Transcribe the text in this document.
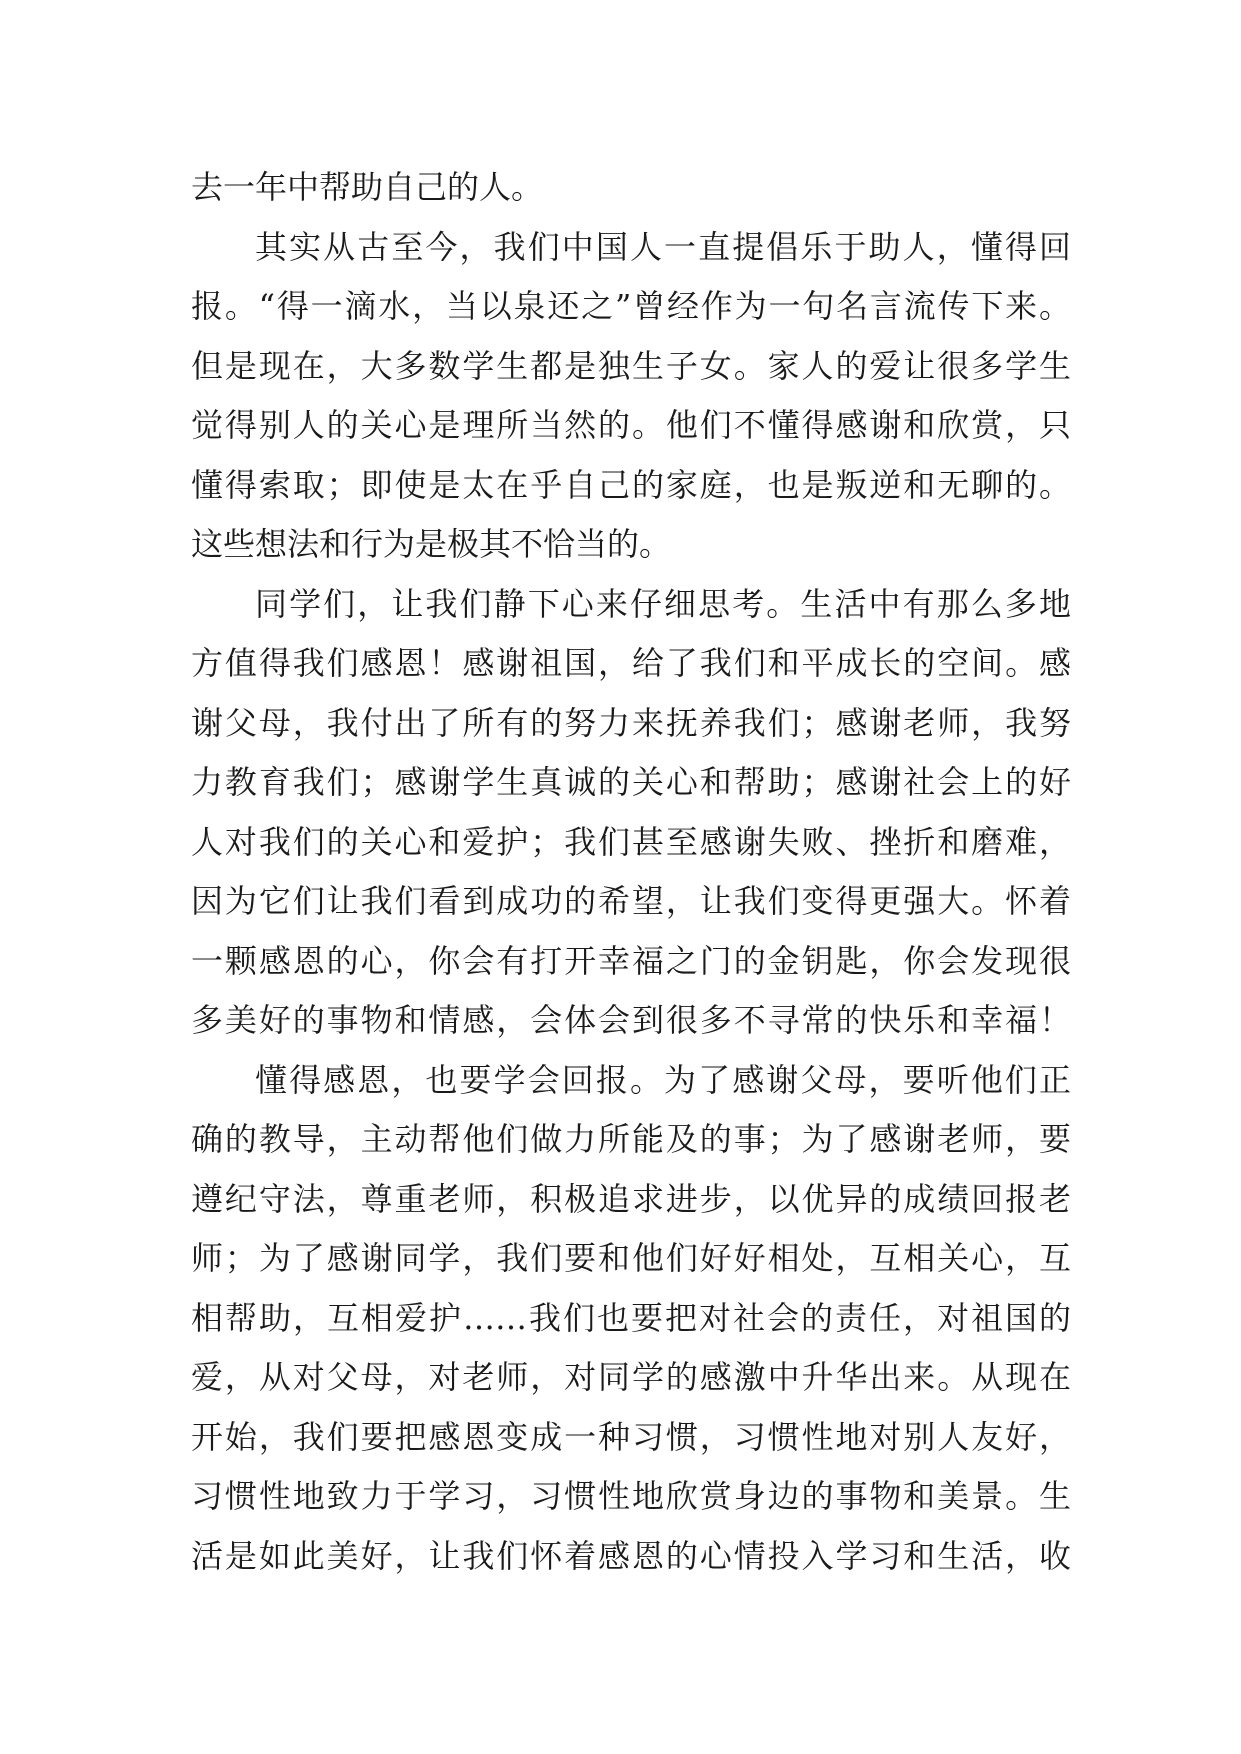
去一年中帮助自己的人。
其实从古至今，我们中国人一直提倡乐于助人，懂得回
报。“得一滴水，当以泉还之”曾经作为一句名言流传下来。
但是现在，大多数学生都是独生子女。家人的爱让很多学生
觉得别人的关心是理所当然的。他们不懂得感谢和欣赏，只
懂得索取；即使是太在乎自己的家庭，也是叛逆和无聊的。
这些想法和行为是极其不恰当的。
同学们，让我们静下心来仔细思考。生活中有那么多地
方值得我们感恩！感谢祖国，给了我们和平成长的空间。感
谢父母，我付出了所有的努力来抚养我们；感谢老师，我努
力教育我们；感谢学生真诚的关心和帮助；感谢社会上的好
人对我们的关心和爱护；我们甚至感谢失败、挫折和磨难，
因为它们让我们看到成功的希望，让我们变得更强大。怀着
一颗感恩的心，你会有打开幸福之门的金钥匙，你会发现很
多美好的事物和情感，会体会到很多不寻常的快乐和幸福！
懂得感恩，也要学会回报。为了感谢父母，要听他们正
确的教导，主动帮他们做力所能及的事；为了感谢老师，要
遵纪守法，尊重老师，积极追求进步，以优异的成绩回报老
师；为了感谢同学，我们要和他们好好相处，互相关心，互
相帮助，互相爱护……我们也要把对社会的责任，对祖国的
爱，从对父母，对老师，对同学的感激中升华出来。从现在
开始，我们要把感恩变成一种习惯，习惯性地对别人友好，
习惯性地致力于学习，习惯性地欣赏身边的事物和美景。生
活是如此美好，让我们怀着感恩的心情投入学习和生活，收
